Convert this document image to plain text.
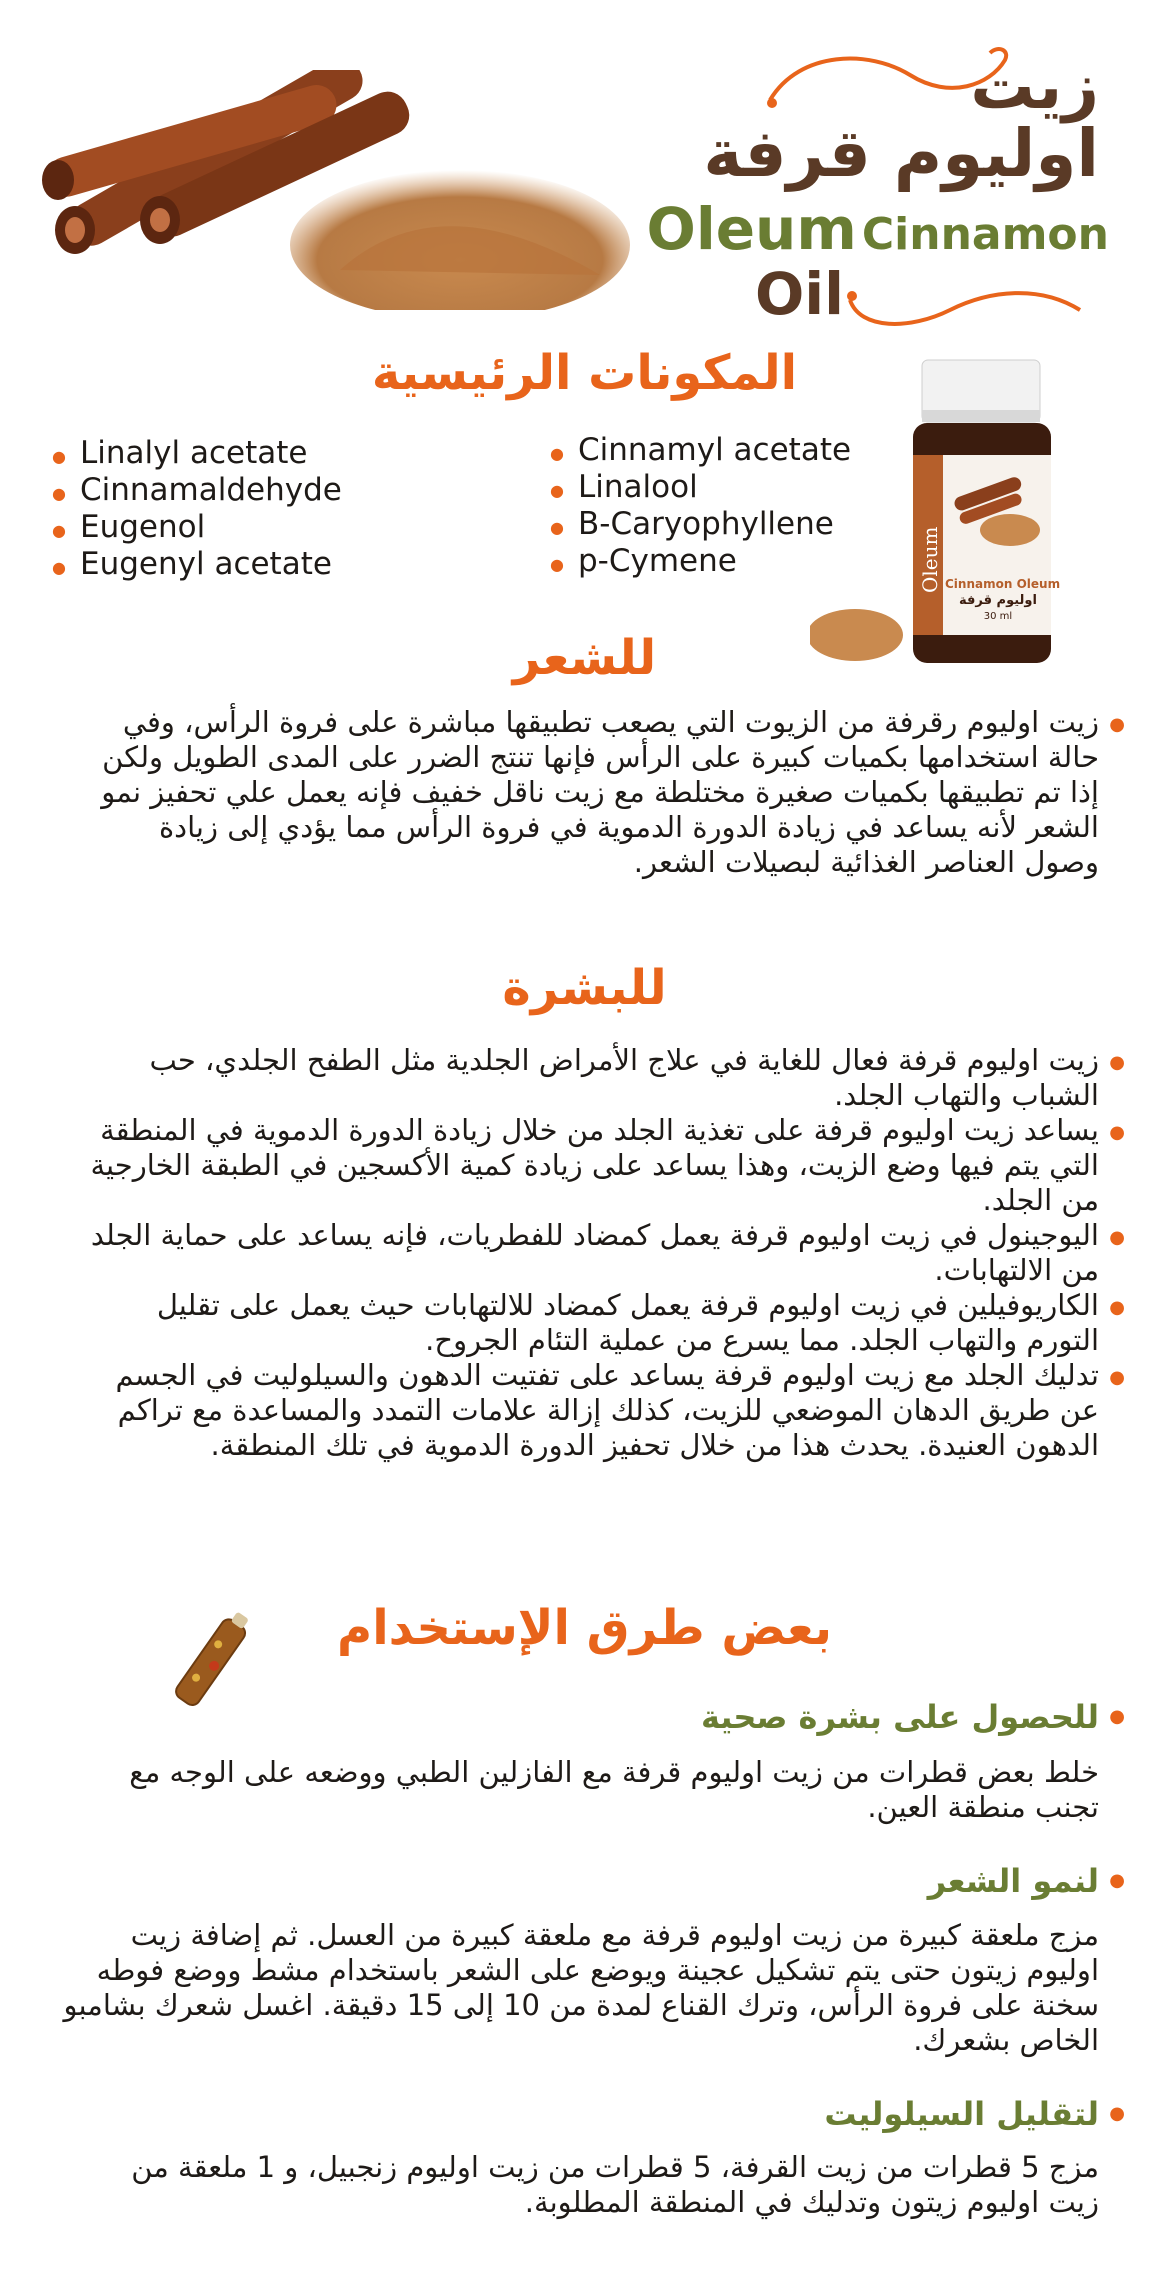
زيت
اوليوم قرفة
Oleum Cinnamon
Oil
المكونات الرئيسية
● Linalyl acetate
● Cinnamaldehyde
● Eugenol
● Eugenyl acetate
● Cinnamyl acetate
● Linalool
● B-Caryophyllene
● p-Cymene	Oleum Cinnamon Oleum
اوليوم قرفة
30 ml
للشعر
●

زيت اوليوم رقرفة من الزيوت التي يصعب تطبيقها مباشرة على فروة الرأس، وفي حالة استخدامها بكميات كبيرة على الرأس فإنها تنتج الضرر على المدى الطويل ولكن إذا تم تطبيقها بكميات صغيرة مختلطة مع زيت ناقل خفيف فإنه يعمل علي تحفيز نمو الشعر لأنه يساعد في زيادة الدورة الدموية في فروة الرأس مما يؤدي إلى زيادة وصول العناصر الغذائية لبصيلات الشعر.

للبشرة
●

زيت اوليوم قرفة فعال للغاية في علاج الأمراض الجلدية مثل الطفح الجلدي، حب الشباب والتهاب الجلد.

●

يساعد زيت اوليوم قرفة على تغذية الجلد من خلال زيادة الدورة الدموية في المنطقة التي يتم فيها وضع الزيت، وهذا يساعد على زيادة كمية الأكسجين في الطبقة الخارجية من الجلد.

●

اليوجينول في زيت اوليوم قرفة يعمل كمضاد للفطريات، فإنه يساعد على حماية الجلد من الالتهابات.

●

الكاريوفيلين في زيت اوليوم قرفة يعمل كمضاد للالتهابات حيث يعمل على تقليل التورم والتهاب الجلد. مما يسرع من عملية التئام الجروح.

●

تدليك الجلد مع زيت اوليوم قرفة يساعد على تفتيت الدهون والسيلوليت في الجسم عن طريق الدهان الموضعي للزيت، كذلك إزالة علامات التمدد والمساعدة مع تراكم الدهون العنيدة. يحدث هذا من خلال تحفيز الدورة الدموية في تلك المنطقة.

بعض طرق الإستخدام
●
للحصول على بشرة صحية
خلط بعض قطرات من زيت اوليوم قرفة مع الفازلين الطبي ووضعه على الوجه مع تجنب منطقة العين.
●
لنمو الشعر
مزج ملعقة كبيرة من زيت اوليوم قرفة مع ملعقة كبيرة من العسل. ثم إضافة زيت اوليوم زيتون حتى يتم تشكيل عجينة ويوضع على الشعر باستخدام مشط ووضع فوطه سخنة على فروة الرأس، وترك القناع لمدة من 10 إلى 15 دقيقة. اغسل شعرك بشامبو الخاص بشعرك.
●
لتقليل السيلوليت
مزج 5 قطرات من زيت القرفة، 5 قطرات من زيت اوليوم زنجبيل، و 1 ملعقة من زيت اوليوم زيتون وتدليك في المنطقة المطلوبة.
